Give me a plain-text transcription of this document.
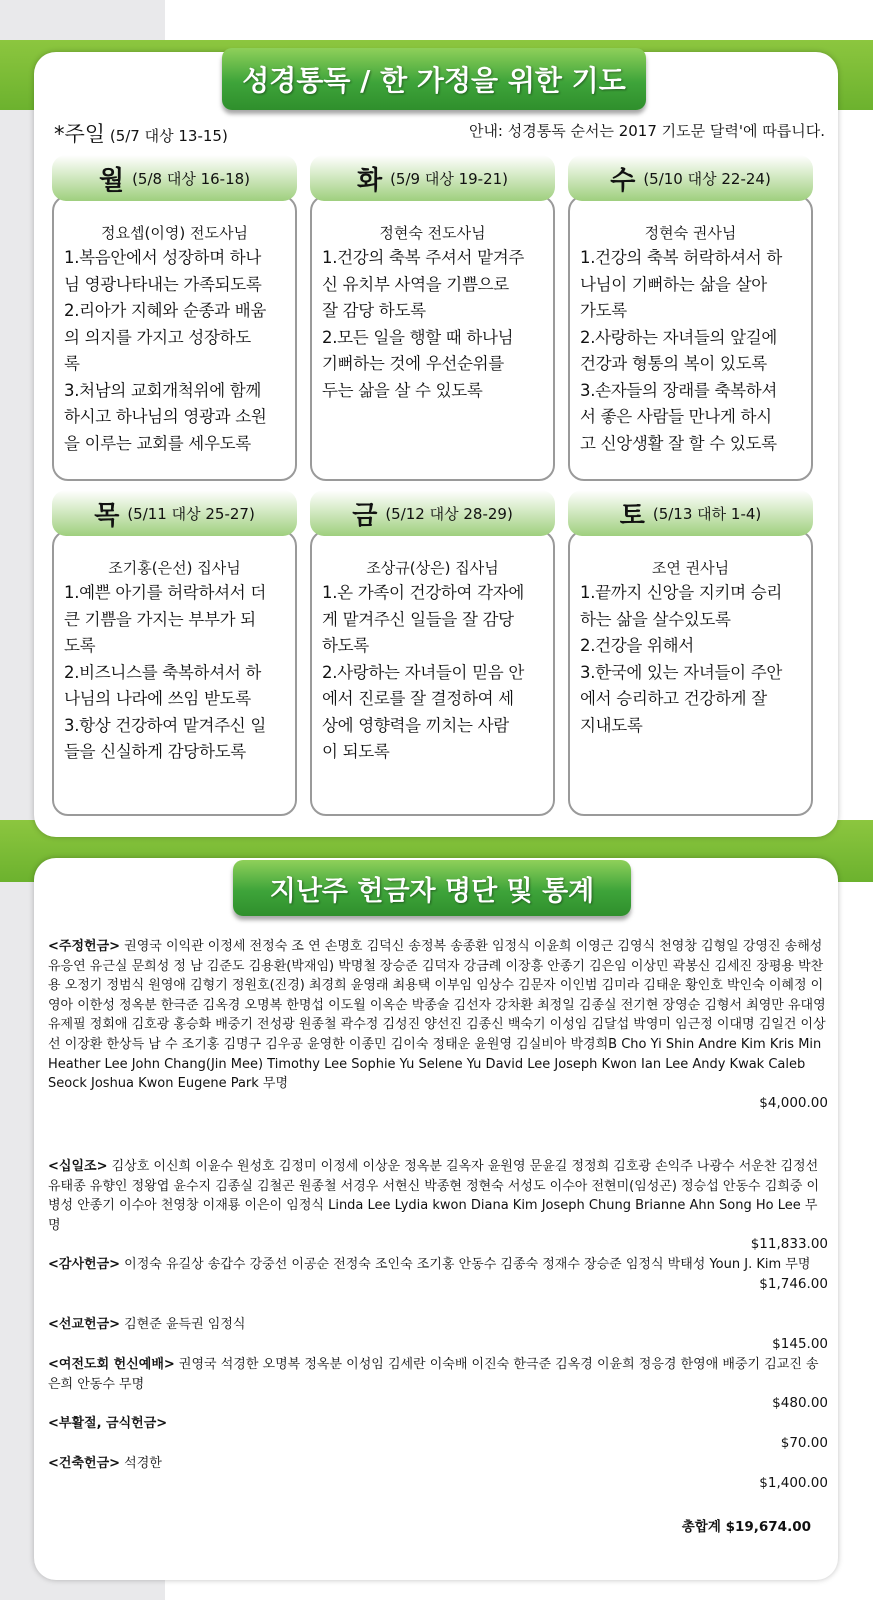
성경통독 / 한 가정을 위한 기도
*주일 (5/7 대상 13-15)	안내: 성경통독 순서는 2017 기도문 달력'에 따릅니다.
정요셉(이영) 전도사님
1.복음안에서 성장하며 하나
님 영광나타내는 가족되도록
2.리아가 지혜와 순종과 배움
의 의지를 가지고 성장하도
록
3.처남의 교회개척위에 함께
하시고 하나님의 영광과 소원
을 이루는 교회를 세우도록
월 (5/8 대상 16-18)
정현숙 전도사님
1.건강의 축복 주셔서 맡겨주
신 유치부 사역을 기쁨으로
잘 감당 하도록
2.모든 일을 행할 때 하나님
기뻐하는 것에 우선순위를
두는 삶을 살 수 있도록
화 (5/9 대상 19-21)
정현숙 권사님
1.건강의 축복 허락하셔서 하
나님이 기뻐하는 삶을 살아
가도록
2.사랑하는 자녀들의 앞길에
건강과 형통의 복이 있도록
3.손자들의 장래를 축복하셔
서 좋은 사람들 만나게 하시
고 신앙생활 잘 할 수 있도록
수 (5/10 대상 22-24)
조기홍(은선) 집사님
1.예쁜 아기를 허락하셔서 더
큰 기쁨을 가지는 부부가 되
도록
2.비즈니스를 축복하셔서 하
나님의 나라에 쓰임 받도록
3.항상 건강하여 맡겨주신 일
들을 신실하게 감당하도록
목 (5/11 대상 25-27)
조상규(상은) 집사님
1.온 가족이 건강하여 각자에
게 맡겨주신 일들을 잘 감당
하도록
2.사랑하는 자녀들이 믿음 안
에서 진로를 잘 결정하여 세
상에 영향력을 끼치는 사람
이 되도록
금 (5/12 대상 28-29)
조연 권사님
1.끝까지 신앙을 지키며 승리
하는 삶을 살수있도록
2.건강을 위해서
3.한국에 있는 자녀들이 주안
에서 승리하고 건강하게 잘
지내도록
토 (5/13 대하 1-4)
지난주 헌금자 명단 및 통계
<주정헌금> 권영국 이익관 이정세 전정숙 조 연 손명호 김덕신 송정복 송종환 임정식 이윤희 이영근 김영식 천영창 김형일 강영진 송해성 유응연 유근실 문희성 정 남 김준도 김용환(박재임) 박명철 장승준 김덕자 강금례 이장흥 안종기 김은임 이상민 곽봉신 김세진 장평용 박찬용 오정기 정범식 원영애 김형기 정원호(진경) 최경희 윤영래 최용택 이부임 임상수 김문자 이인범 김미라 김태운 황인호 박인숙 이혜정 이영아 이한성 정옥분 한극준 김옥경 오명복 한명섭 이도월 이옥순 박종술 김선자 강차환 최정일 김종실 전기현 장영순 김형서 최영만 유대영 유제필 정회애 김호광 홍승화 배중기 전성광 원종철 곽수정 김성진 양선진 김종신 백숙기 이성임 김달섭 박영미 임근정 이대명 김일건 이상선 이장환 한상득 남 수 조기홍 김명구 김우공 윤영한 이종민 김이숙 정태운 윤원영 김실비아 박경희B Cho Yi Shin Andre Kim Kris Min Heather Lee John Chang(Jin Mee) Timothy Lee Sophie Yu Selene Yu David Lee Joseph Kwon Ian Lee Andy Kwak Caleb Seock Joshua Kwon Eugene Park 무명
$4,000.00
<십일조> 김상호 이신희 이윤수 원성호 김정미 이정세 이상운 정옥분 길옥자 윤원영 문윤길 정정희 김호광 손익주 나광수 서운찬 김정선 유태종 유향인 정왕엽 윤수지 김종실 김철곤 원종철 서경우 서현신 박종현 정현숙 서성도 이수아 전현미(임성곤) 정승섭 안동수 김희중 이병성 안종기 이수아 천영창 이재룡 이은이 임정식 Linda Lee Lydia kwon Diana Kim Joseph Chung Brianne Ahn Song Ho Lee 무명
$11,833.00
<감사헌금> 이정숙 유길상 송갑수 강중선 이공순 전정숙 조인숙 조기홍 안동수 김종숙 정재수 장승준 임정식 박태성 Youn J. Kim 무명
$1,746.00
<선교헌금> 김현준 윤득권 임정식
$145.00
<여전도회 헌신예배> 권영국 석경한 오명복 정옥분 이성임 김세란 이숙배 이진숙 한극준 김옥경 이윤희 정응경 한영애 배중기 김교진 송은희 안동수 무명
$480.00
<부활절, 금식헌금>
$70.00
<건축헌금> 석경한
$1,400.00
총합계 $19,674.00
